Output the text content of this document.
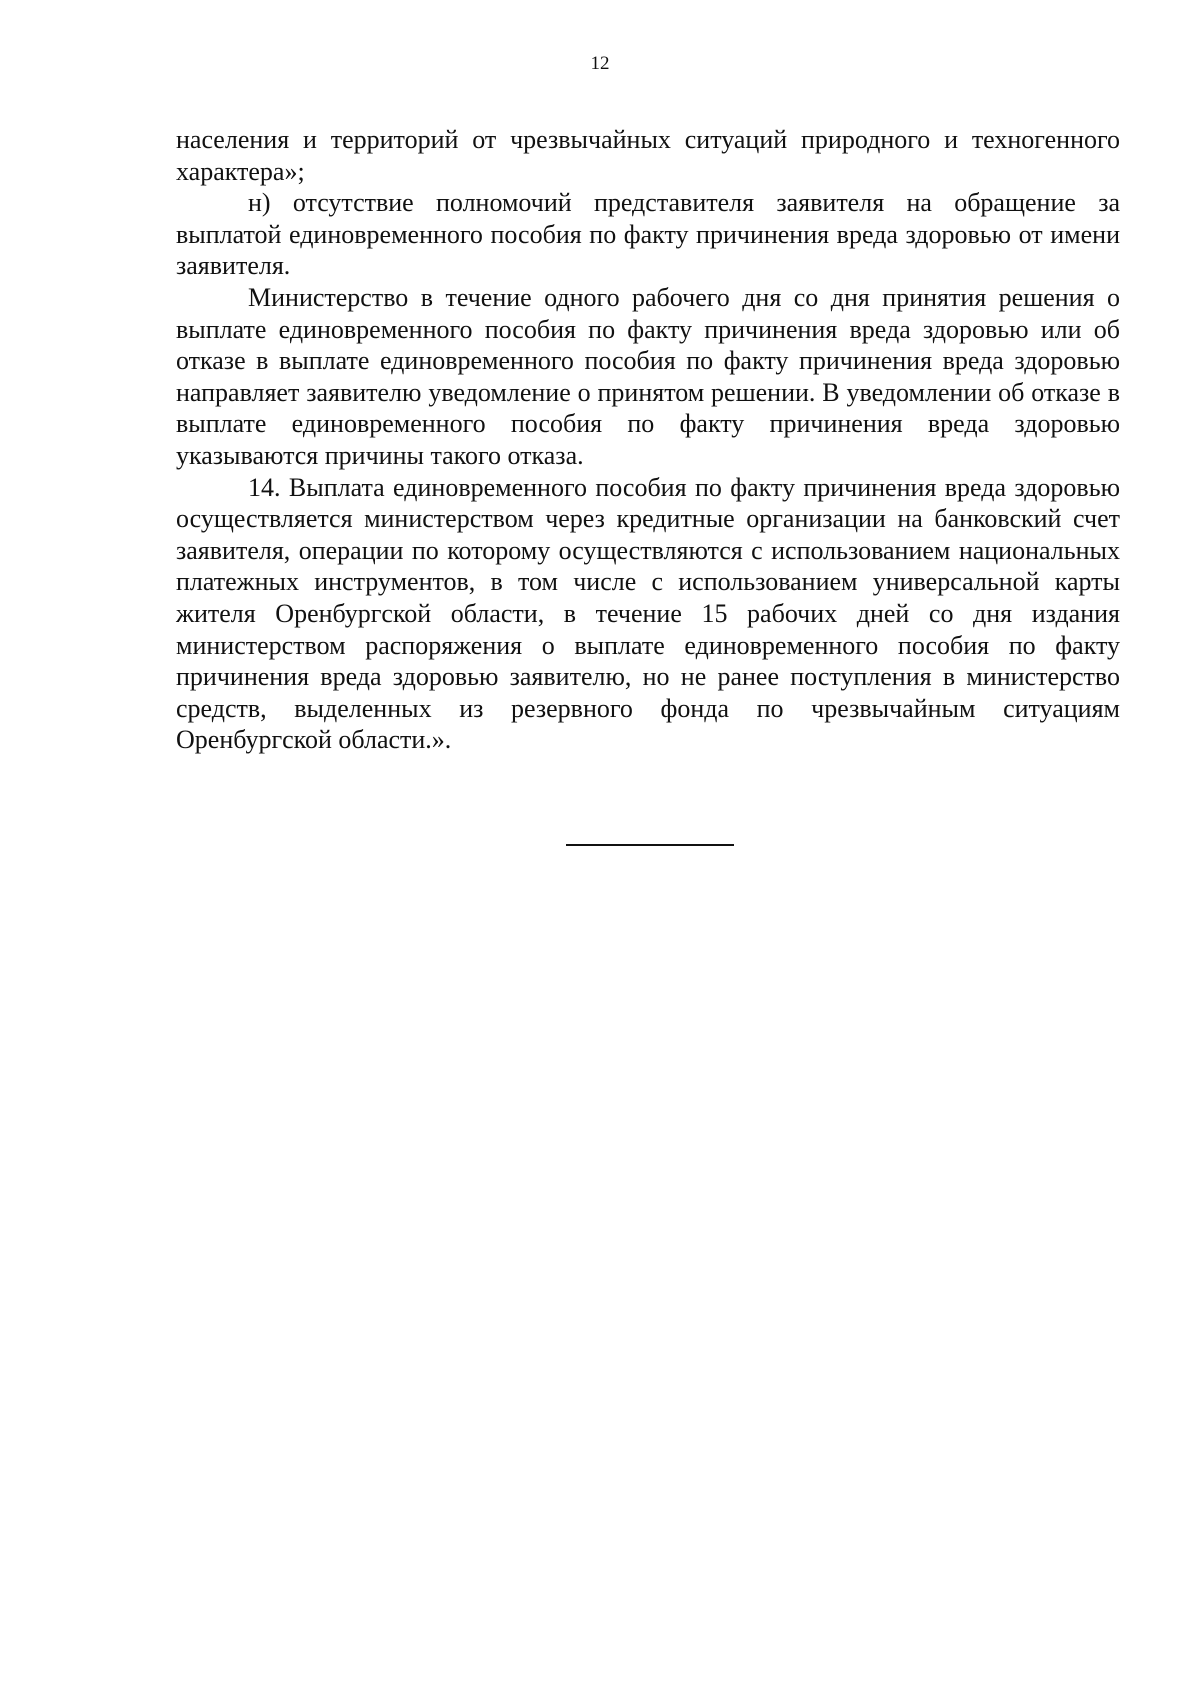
12

населения и территорий от чрезвычайных ситуаций природного и техногенного характера»;

н) отсутствие полномочий представителя заявителя на обращение за выплатой единовременного пособия по факту причинения вреда здоровью от имени заявителя.

Министерство в течение одного рабочего дня со дня принятия решения о выплате единовременного пособия по факту причинения вреда здоровью или об отказе в выплате единовременного пособия по факту причинения вреда здоровью направляет заявителю уведомление о принятом решении. В уведомлении об отказе в выплате единовременного пособия по факту причинения вреда здоровью указываются причины такого отказа.

14. Выплата единовременного пособия по факту причинения вреда здоровью осуществляется министерством через кредитные организации на банковский счет заявителя, операции по которому осуществляются с использованием национальных платежных инструментов, в том числе с использованием универсальной карты жителя Оренбургской области, в течение 15 рабочих дней со дня издания министерством распоряжения о выплате единовременного пособия по факту причинения вреда здоровью заявителю, но не ранее поступления в министерство средств, выделенных из резервного фонда по чрезвычайным ситуациям Оренбургской области.».
